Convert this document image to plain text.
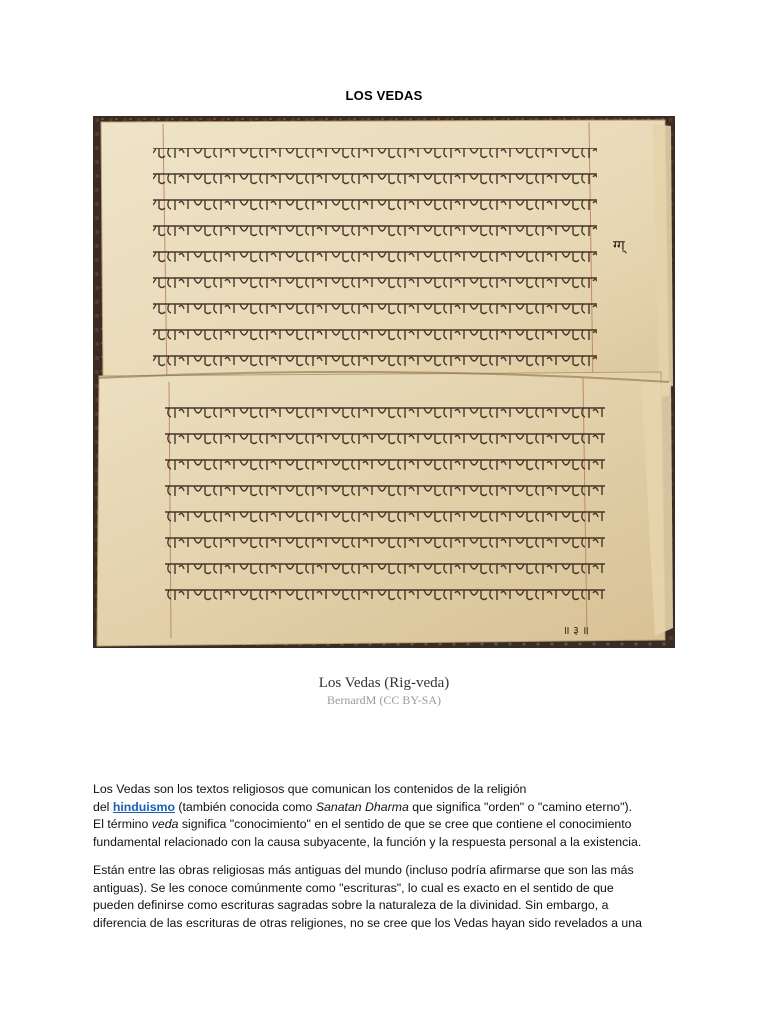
LOS VEDAS
ग्ग्
॥ ३ ॥
Los Vedas (Rig-veda)
BernardM (CC BY-SA)
Los Vedas son los textos religiosos que comunican los contenidos de la religión
del hinduismo (también conocida como Sanatan Dharma que significa "orden" o "camino eterno").
El término veda significa "conocimiento" en el sentido de que se cree que contiene el conocimiento
fundamental relacionado con la causa subyacente, la función y la respuesta personal a la existencia.
Están entre las obras religiosas más antiguas del mundo (incluso podría afirmarse que son las más
antiguas). Se les conoce comúnmente como "escrituras", lo cual es exacto en el sentido de que
pueden definirse como escrituras sagradas sobre la naturaleza de la divinidad. Sin embargo, a
diferencia de las escrituras de otras religiones, no se cree que los Vedas hayan sido revelados a una
